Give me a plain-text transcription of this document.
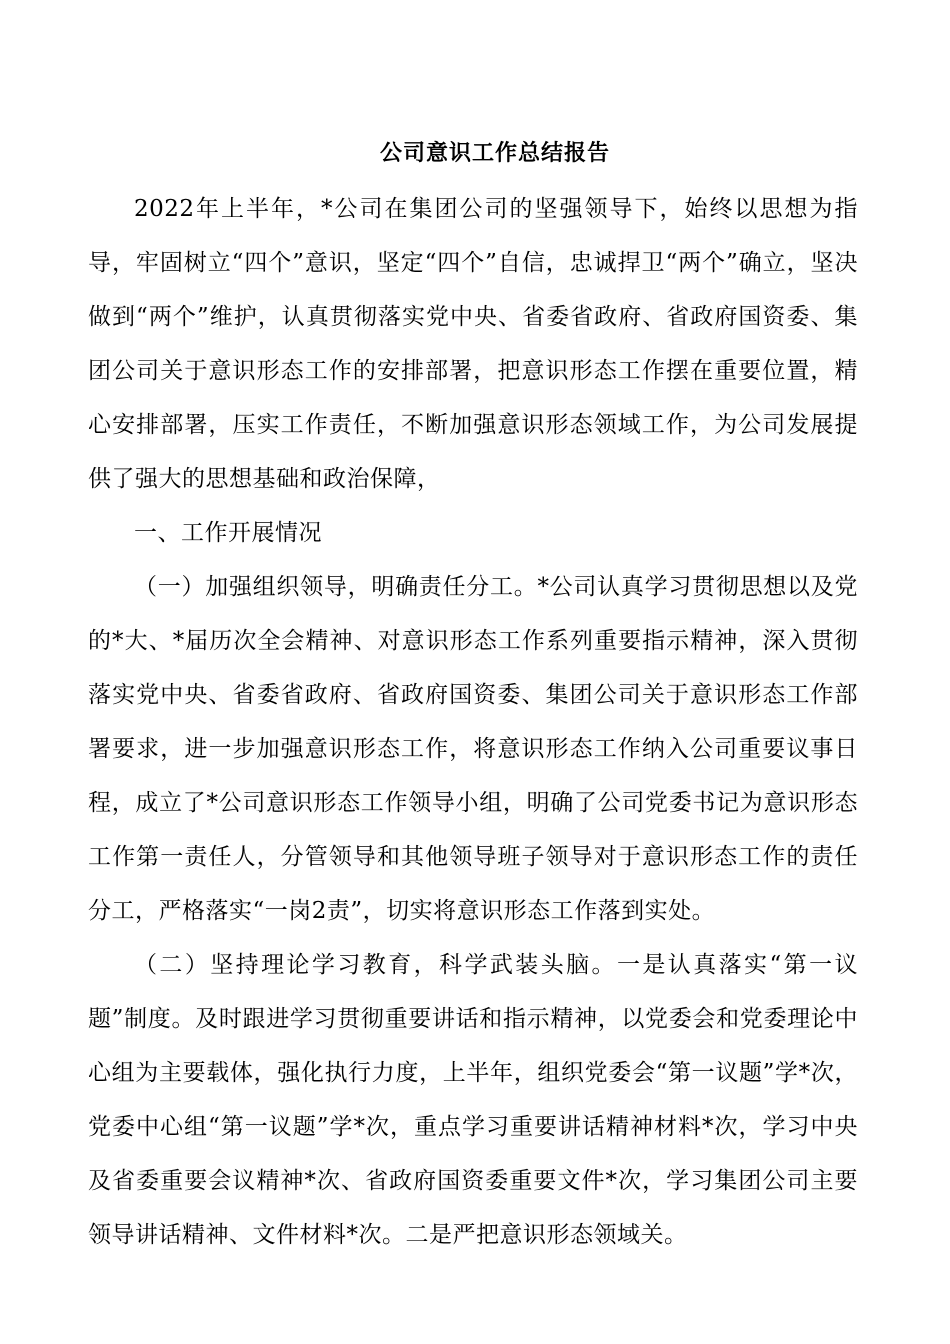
公司意识工作总结报告

2022年上半年，*公司在集团公司的坚强领导下，始终以思想为指导，牢固树立“四个”意识，坚定“四个”自信，忠诚捍卫“两个”确立，坚决做到“两个”维护，认真贯彻落实党中央、省委省政府、省政府国资委、集团公司关于意识形态工作的安排部署，把意识形态工作摆在重要位置，精心安排部署，压实工作责任，不断加强意识形态领域工作，为公司发展提供了强大的思想基础和政治保障，

一、工作开展情况

（一）加强组织领导，明确责任分工。*公司认真学习贯彻思想以及党的*大、*届历次全会精神、对意识形态工作系列重要指示精神，深入贯彻落实党中央、省委省政府、省政府国资委、集团公司关于意识形态工作部署要求，进一步加强意识形态工作，将意识形态工作纳入公司重要议事日程，成立了*公司意识形态工作领导小组，明确了公司党委书记为意识形态工作第一责任人，分管领导和其他领导班子领导对于意识形态工作的责任分工，严格落实“一岗2责”，切实将意识形态工作落到实处。

（二）坚持理论学习教育，科学武装头脑。一是认真落实“第一议题”制度。及时跟进学习贯彻重要讲话和指示精神，以党委会和党委理论中心组为主要载体，强化执行力度，上半年，组织党委会“第一议题”学*次，党委中心组“第一议题”学*次，重点学习重要讲话精神材料*次，学习中央及省委重要会议精神*次、省政府国资委重要文件*次，学习集团公司主要领导讲话精神、文件材料*次。二是严把意识形态领域关。
